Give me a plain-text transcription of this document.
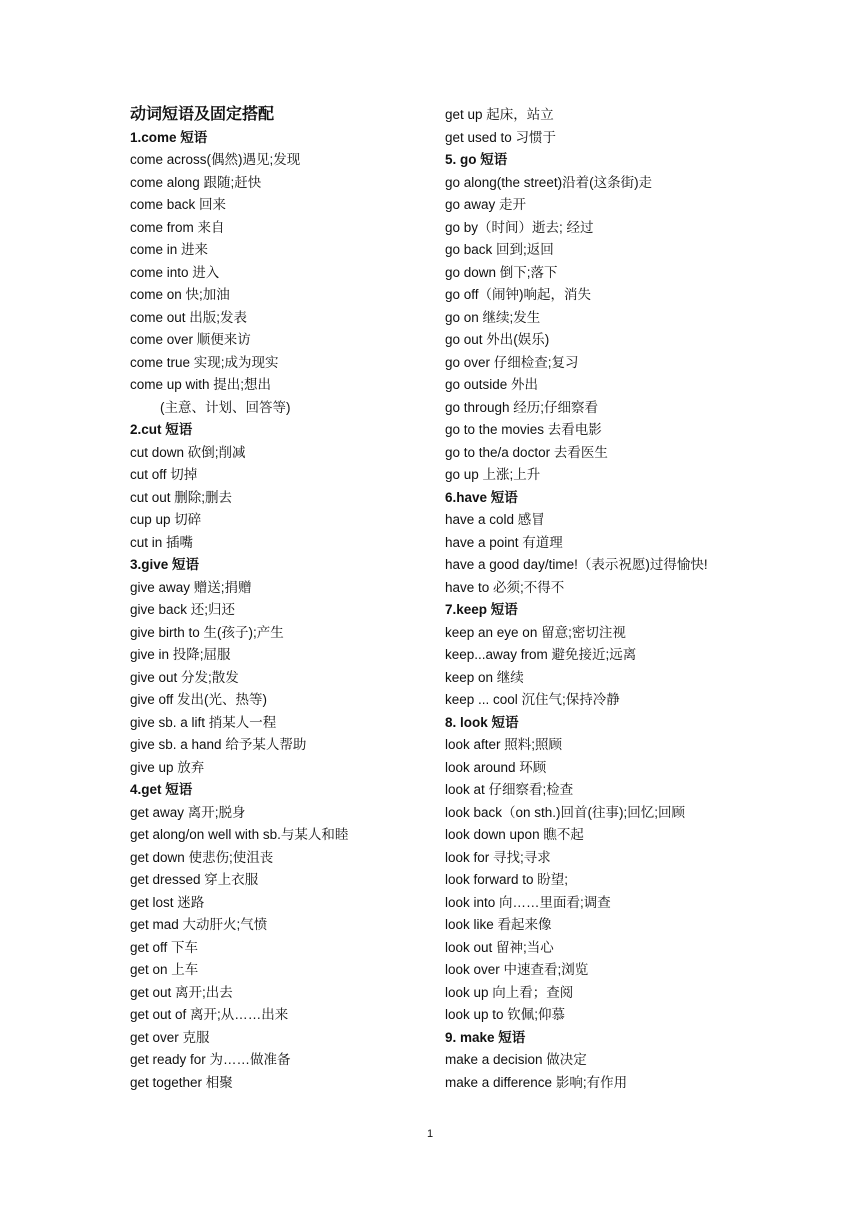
动词短语及固定搭配
1.come 短语
come across(偶然)遇见;发现
come along 跟随;赶快
come back 回来
come from 来自
come in 进来
come into 进入
come on 快;加油
come out 出版;发表
come over 顺便来访
come true 实现;成为现实
come up with 提出;想出
(主意、计划、回答等)
2.cut 短语
cut down 砍倒;削减
cut off 切掉
cut out 删除;删去
cup up 切碎
cut in 插嘴
3.give 短语
give away 赠送;捐赠
give back 还;归还
give birth to 生(孩子);产生
give in 投降;屈服
give out 分发;散发
give off 发出(光、热等)
give sb. a lift 捎某人一程
give sb. a hand 给予某人帮助
give up 放弃
4.get 短语
get away 离开;脱身
get along/on well with sb.与某人和睦
get down 使悲伤;使沮丧
get dressed 穿上衣服
get lost 迷路
get mad 大动肝火;气愤
get off 下车
get on 上车
get out 离开;出去
get out of 离开;从……出来
get over 克服
get ready for 为……做准备
get together 相聚
get up 起床，站立
get used to 习惯于
5. go 短语
go along(the street)沿着(这条街)走
go away 走开
go by（时间）逝去; 经过
go back 回到;返回
go down 倒下;落下
go off（闹钟)响起，消失
go on 继续;发生
go out 外出(娱乐)
go over 仔细检查;复习
go outside 外出
go through 经历;仔细察看
go to the movies 去看电影
go to the/a doctor 去看医生
go up 上涨;上升
6.have 短语
have a cold 感冒
have a point 有道理
have a good day/time!（表示祝愿)过得愉快!
have to 必须;不得不
7.keep 短语
keep an eye on 留意;密切注视
keep...away from 避免接近;远离
keep on 继续
keep ... cool 沉住气;保持冷静
8. look 短语
look after 照料;照顾
look around 环顾
look at 仔细察看;检查
look back（on sth.)回首(往事);回忆;回顾
look down upon 瞧不起
look for 寻找;寻求
look forward to 盼望;
look into 向……里面看;调查
look like 看起来像
look out 留神;当心
look over 中速查看;浏览
look up 向上看；查阅
look up to 钦佩;仰慕
9. make 短语
make a decision 做决定
make a difference 影响;有作用
1
